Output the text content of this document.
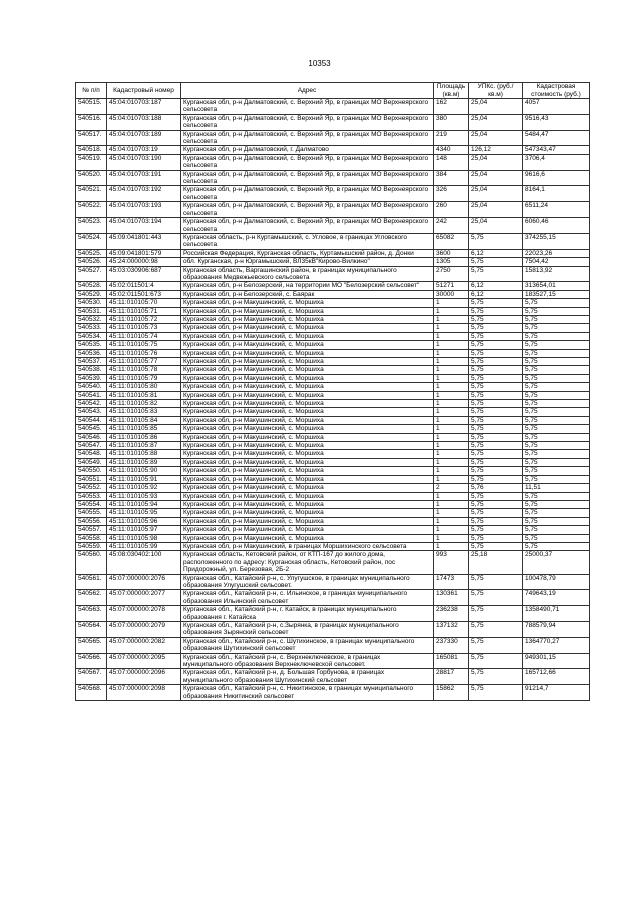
10353
№ п/п	Кадастровый номер	Адрес	Площадь (кв.м)	УПКс. (руб./кв.м)	Кадастровая стоимость (руб.)
540515.	45:04:010703:187	Курганская обл, р-н Далматовский, с. Верхний Яр, в границах МО Верхнеярского сельсовета	162	25,04	4057
540516.	45:04:010703:188	Курганская обл, р-н Далматовский, с. Верхний Яр, в границах МО Верхнеярского сельсовета	380	25,04	9516,43
540517.	45:04:010703:189	Курганская обл, р-н Далматовский, с. Верхний Яр, в границах МО Верхнеярского сельсовета	219	25,04	5484,47
540518.	45:04:010703:19	Курганская обл, р-н Далматовский, г. Далматово	4340	126,12	547343,47
540519.	45:04:010703:190	Курганская обл, р-н Далматовский, с. Верхний Яр, в границах МО Верхнеярского сельсовета	148	25,04	3706,4
540520.	45:04:010703:191	Курганская обл, р-н Далматовский, с. Верхний Яр, в границах МО Верхнеярского сельсовета	384	25,04	9616,6
540521.	45:04:010703:192	Курганская обл, р-н Далматовский, с. Верхний Яр, в границах МО Верхнеярского сельсовета	326	25,04	8164,1
540522.	45:04:010703:193	Курганская обл, р-н Далматовский, с. Верхний Яр, в границах МО Верхнеярского сельсовета	260	25,04	6511,24
540523.	45:04:010703:194	Курганская обл, р-н Далматовский, с. Верхний Яр, в границах МО Верхнеярского сельсовета	242	25,04	6060,46
540524.	45:09:041801:443	Курганская область, р-н Куртамышский, с. Угловое, в границах Угловского сельсовета	65082	5,75	374255,15
540525.	45:09:041801:579	Российская Федерация, Курганская область, Куртамышский район, д. Донки	3600	6,12	22023,26
540526.	45:24:000000:98	обл. Курганская, р-н Юргамышский, ВЛ35кВ"Кирово-Вилкино"	1305	5,75	7504,42
540527.	45:03:030906:687	Курганская область, Варгашинский район, в границах муниципального образования Медвежьевского сельсовета	2750	5,75	15813,92
540528.	45:02:011501:4	Курганская обл, р-н Белозерский, на территории МО "Белозерский сельсовет"	51271	6,12	313654,01
540529.	45:02:011501:673	Курганская обл, р-н Белозерский, с. Баярак	30000	6,12	183527,15
540530.	45:11:010105:70	Курганская обл, р-н Макушинский, с. Моршиха	1	5,75	5,75
540531.	45:11:010105:71	Курганская обл, р-н Макушинский, с. Моршиха	1	5,75	5,75
540532.	45:11:010105:72	Курганская обл, р-н Макушинский, с. Моршиха	1	5,75	5,75
540533.	45:11:010105:73	Курганская обл, р-н Макушинский, с. Моршиха	1	5,75	5,75
540534.	45:11:010105:74	Курганская обл, р-н Макушинский, с. Моршиха	1	5,75	5,75
540535.	45:11:010105:75	Курганская обл, р-н Макушинский, с. Моршиха	1	5,75	5,75
540536.	45:11:010105:76	Курганская обл, р-н Макушинский, с. Моршиха	1	5,75	5,75
540537.	45:11:010105:77	Курганская обл, р-н Макушинский, с. Моршиха	1	5,75	5,75
540538.	45:11:010105:78	Курганская обл, р-н Макушинский, с. Моршиха	1	5,75	5,75
540539.	45:11:010105:79	Курганская обл, р-н Макушинский, с. Моршиха	1	5,75	5,75
540540.	45:11:010105:80	Курганская обл, р-н Макушинский, с. Моршиха	1	5,75	5,75
540541.	45:11:010105:81	Курганская обл, р-н Макушинский, с. Моршиха	1	5,75	5,75
540542.	45:11:010105:82	Курганская обл, р-н Макушинский, с. Моршиха	1	5,75	5,75
540543.	45:11:010105:83	Курганская обл, р-н Макушинский, с. Моршиха	1	5,75	5,75
540544.	45:11:010105:84	Курганская обл, р-н Макушинский, с. Моршиха	1	5,75	5,75
540545.	45:11:010105:85	Курганская обл, р-н Макушинский, с. Моршиха	1	5,75	5,75
540546.	45:11:010105:86	Курганская обл, р-н Макушинский, с. Моршиха	1	5,75	5,75
540547.	45:11:010105:87	Курганская обл, р-н Макушинский, с. Моршиха	1	5,75	5,75
540548.	45:11:010105:88	Курганская обл, р-н Макушинский, с. Моршиха	1	5,75	5,75
540549.	45:11:010105:89	Курганская обл, р-н Макушинский, с. Моршиха	1	5,75	5,75
540550.	45:11:010105:90	Курганская обл, р-н Макушинский, с. Моршиха	1	5,75	5,75
540551.	45:11:010105:91	Курганская обл, р-н Макушинский, с. Моршиха	1	5,75	5,75
540552.	45:11:010105:92	Курганская обл, р-н Макушинский, с. Моршиха	2	5,76	11,51
540553.	45:11:010105:93	Курганская обл, р-н Макушинский, с. Моршиха	1	5,75	5,75
540554.	45:11:010105:94	Курганская обл, р-н Макушинский, с. Моршиха	1	5,75	5,75
540555.	45:11:010105:95	Курганская обл, р-н Макушинский, с. Моршиха	1	5,75	5,75
540556.	45:11:010105:96	Курганская обл, р-н Макушинский, с. Моршиха	1	5,75	5,75
540557.	45:11:010105:97	Курганская обл, р-н Макушинский, с. Моршиха	1	5,75	5,75
540558.	45:11:010105:98	Курганская обл, р-н Макушинский, с. Моршиха	1	5,75	5,75
540559.	45:11:010105:99	Курганская обл, р-н Макушинский, в границах Моршихинского сельсовета	1	5,75	5,75
540560.	45:08:030402:100	Курганская область, Кетовский район, от КТП-167 до жилого дома, расположенного по адресу: Курганская область, Кетовский район, пос Придорожный, ул. Березовая, 2Б-2	993	25,18	25000,37
540561.	45:07:000000:2076	Курганская обл., Катайский р-н, с. Улугушское, в границах муниципального образования Улугушский сельсовет.	17473	5,75	100478,79
540562.	45:07:000000:2077	Курганская обл., Катайский р-н, с. Ильинское, в границах муниципального образования Ильинский сельсовет	130361	5,75	749643,19
540563.	45:07:000000:2078	Курганская обл., Катайский р-н, г. Катайск, в границах муниципального образования г. Катайска	236238	5,75	1358490,71
540564.	45:07:000000:2079	Курганская обл., Катайский р-н, с.Зырянка, в границах муниципального образования Зырянский сельсовет	137132	5,75	788579,94
540565.	45:07:000000:2082	Курганская обл., Катайский р-н, с. Шутихинское, в границах муниципального образования Шутихинский сельсовет	237330	5,75	1364770,27
540566.	45:07:000000:2095	Курганская обл., Катайский р-н, с. Верхнеключевское, в границах муниципального образования Верхнеключевской сельсовет.	165081	5,75	949301,15
540567.	45:07:000000:2096	Курганская обл., Катайский р-н, д. Большая Горбунова, в границах муниципального образования Шутихинский сельсовет	28817	5,75	165712,66
540568.	45:07:000000:2098	Курганская обл., Катайский р-н, с. Никитинское, в границах муниципального образования Никитинский сельсовет	15862	5,75	91214,7
